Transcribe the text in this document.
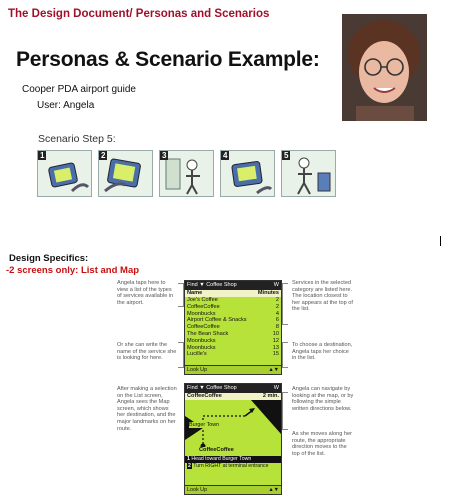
The Design Document/ Personas and Scenarios
Personas & Scenario Example:
Cooper PDA airport guide
User: Angela
Scenario Step 5:
1	2	3	4	5
Design Specifics:
-2 screens only: List and Map
Angela taps here to view a list of the types of services available in the airport.
Or she can write the name of the service she is looking for here.
After making a selection on the List screen, Angela sees the Map screen, which shows her destination, and the major landmarks on her route.
Services in the selected category are listed here. The location closest to her appears at the top of the list.
To choose a destination, Angela taps her choice in the list.
Angela can navigate by looking at the map, or by following the simple written directions below.
As she moves along her route, the appropriate direction moves to the top of the list.
Find ▼ Coffee Shop	W
Name	Minutes
Joe's Coffee	2
CoffeeCoffee	2
Moonbucks	4
Airport Coffee & Snacks	6
CoffeeCoffee	8
The Bean Shack	10
Moonbucks	12
Moonbucks	13
Lucille's	15
Look Up	▲▼
Find ▼ Coffee Shop	W
CoffeeCoffee	2 min.
Burger Town
CoffeeCoffee
1 Head toward Burger Town
2 Turn RIGHT at terminal entrance
Look Up	▲▼
